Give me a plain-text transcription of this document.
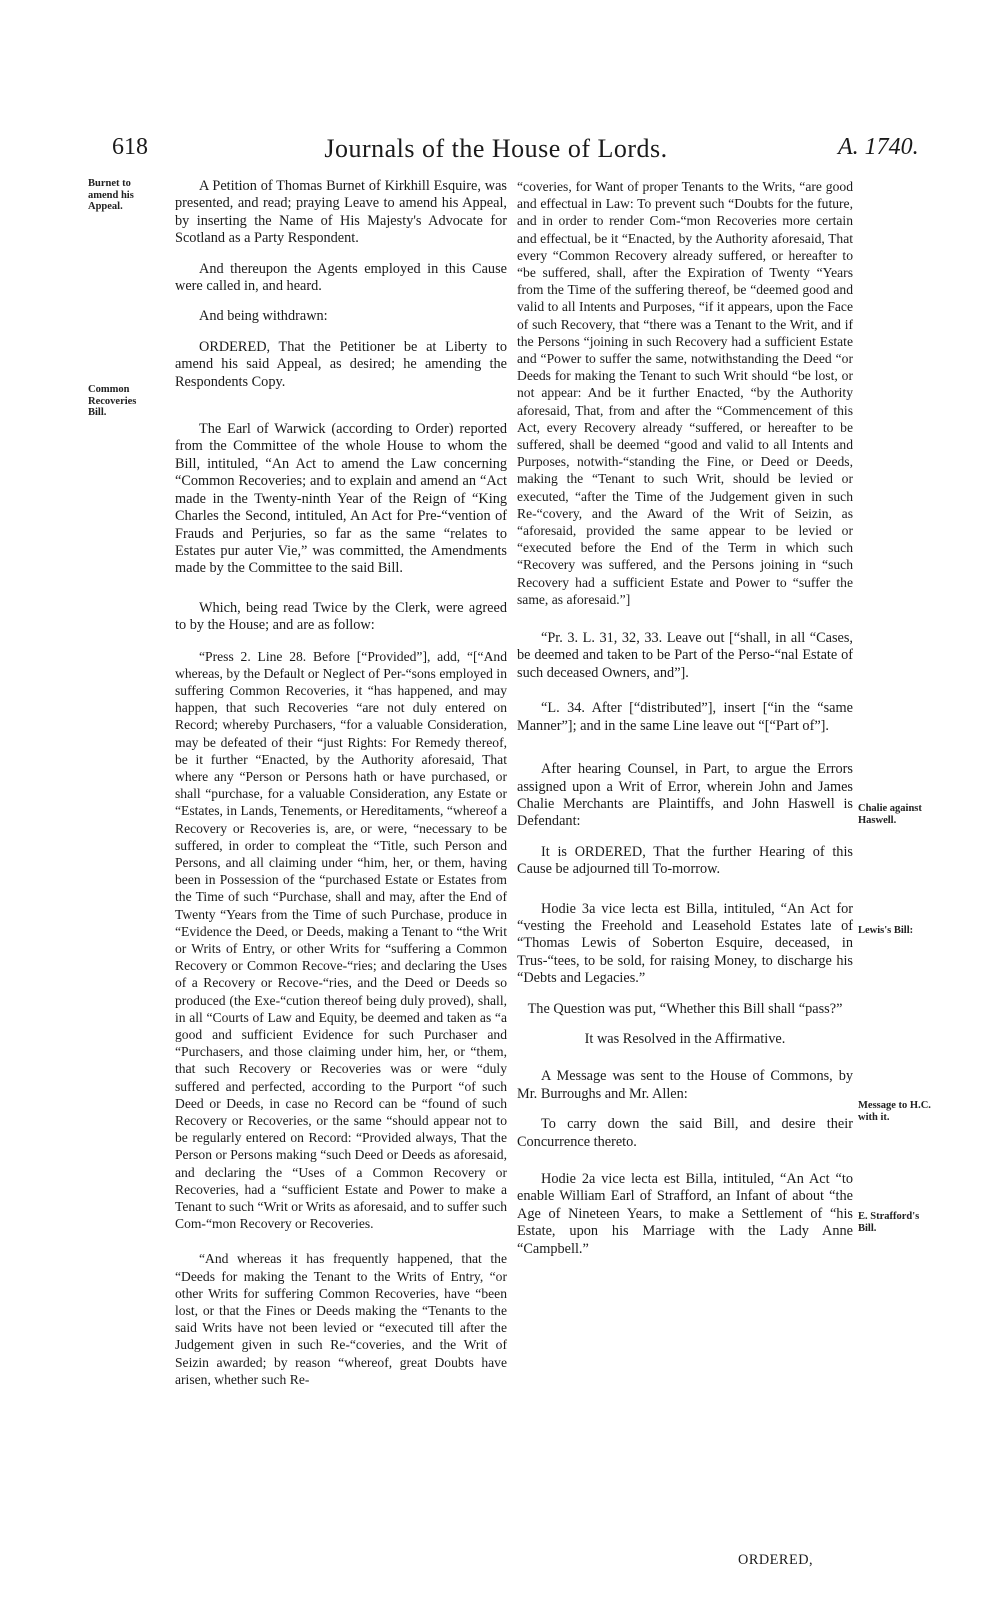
618	Journals of the House of Lords.	A. 1740.
Burnet to amend his Appeal.
Common Recoveries Bill.
Chalie against Haswell.
Lewis's Bill:
Message to H.C. with it.
E. Strafford's Bill.

A Petition of Thomas Burnet of Kirkhill Esquire, was presented, and read; praying Leave to amend his Appeal, by inserting the Name of His Majesty's Advocate for Scotland as a Party Respondent.

And thereupon the Agents employed in this Cause were called in, and heard.

And being withdrawn:

ORDERED, That the Petitioner be at Liberty to amend his said Appeal, as desired; he amending the Respondents Copy.

The Earl of Warwick (according to Order) reported from the Committee of the whole House to whom the Bill, intituled, “An Act to amend the Law concerning “Common Recoveries; and to explain and amend an “Act made in the Twenty-ninth Year of the Reign of “King Charles the Second, intituled, An Act for Pre-“vention of Frauds and Perjuries, so far as the same “relates to Estates pur auter Vie,” was committed, the Amendments made by the Committee to the said Bill.

Which, being read Twice by the Clerk, were agreed to by the House; and are as follow:

“Press 2. Line 28. Before [“Provided”], add, “[“And whereas, by the Default or Neglect of Per-“sons employed in suffering Common Recoveries, it “has happened, and may happen, that such Recoveries “are not duly entered on Record; whereby Purchasers, “for a valuable Consideration, may be defeated of their “just Rights: For Remedy thereof, be it further “Enacted, by the Authority aforesaid, That where any “Person or Persons hath or have purchased, or shall “purchase, for a valuable Consideration, any Estate or “Estates, in Lands, Tenements, or Hereditaments, “whereof a Recovery or Recoveries is, are, or were, “necessary to be suffered, in order to compleat the “Title, such Person and Persons, and all claiming under “him, her, or them, having been in Possession of the “purchased Estate or Estates from the Time of such “Purchase, shall and may, after the End of Twenty “Years from the Time of such Purchase, produce in “Evidence the Deed, or Deeds, making a Tenant to “the Writ or Writs of Entry, or other Writs for “suffering a Common Recovery or Common Recove-“ries; and declaring the Uses of a Recovery or Recove-“ries, and the Deed or Deeds so produced (the Exe-“cution thereof being duly proved), shall, in all “Courts of Law and Equity, be deemed and taken as “a good and sufficient Evidence for such Purchaser and “Purchasers, and those claiming under him, her, or “them, that such Recovery or Recoveries was or were “duly suffered and perfected, according to the Purport “of such Deed or Deeds, in case no Record can be “found of such Recovery or Recoveries, or the same “should appear not to be regularly entered on Record: “Provided always, That the Person or Persons making “such Deed or Deeds as aforesaid, and declaring the “Uses of a Common Recovery or Recoveries, had a “sufficient Estate and Power to make a Tenant to such “Writ or Writs as aforesaid, and to suffer such Com-“mon Recovery or Recoveries.

“And whereas it has frequently happened, that the “Deeds for making the Tenant to the Writs of Entry, “or other Writs for suffering Common Recoveries, have “been lost, or that the Fines or Deeds making the “Tenants to the said Writs have not been levied or “executed till after the Judgement given in such Re-“coveries, and the Writ of Seizin awarded; by reason “whereof, great Doubts have arisen, whether such Re-

“coveries, for Want of proper Tenants to the Writs, “are good and effectual in Law: To prevent such “Doubts for the future, and in order to render Com-“mon Recoveries more certain and effectual, be it “Enacted, by the Authority aforesaid, That every “Common Recovery already suffered, or hereafter to “be suffered, shall, after the Expiration of Twenty “Years from the Time of the suffering thereof, be “deemed good and valid to all Intents and Purposes, “if it appears, upon the Face of such Recovery, that “there was a Tenant to the Writ, and if the Persons “joining in such Recovery had a sufficient Estate and “Power to suffer the same, notwithstanding the Deed “or Deeds for making the Tenant to such Writ should “be lost, or not appear: And be it further Enacted, “by the Authority aforesaid, That, from and after the “Commencement of this Act, every Recovery already “suffered, or hereafter to be suffered, shall be deemed “good and valid to all Intents and Purposes, notwith-“standing the Fine, or Deed or Deeds, making the “Tenant to such Writ, should be levied or executed, “after the Time of the Judgement given in such Re-“covery, and the Award of the Writ of Seizin, as “aforesaid, provided the same appear to be levied or “executed before the End of the Term in which such “Recovery was suffered, and the Persons joining in “such Recovery had a sufficient Estate and Power to “suffer the same, as aforesaid.”]

“Pr. 3. L. 31, 32, 33. Leave out [“shall, in all “Cases, be deemed and taken to be Part of the Perso-“nal Estate of such deceased Owners, and”].

“L. 34. After [“distributed”], insert [“in the “same Manner”]; and in the same Line leave out “[“Part of”].

After hearing Counsel, in Part, to argue the Errors assigned upon a Writ of Error, wherein John and James Chalie Merchants are Plaintiffs, and John Haswell is Defendant:

It is ORDERED, That the further Hearing of this Cause be adjourned till To-morrow.

Hodie 3a vice lecta est Billa, intituled, “An Act for “vesting the Freehold and Leasehold Estates late of “Thomas Lewis of Soberton Esquire, deceased, in Trus-“tees, to be sold, for raising Money, to discharge his “Debts and Legacies.”

The Question was put, “Whether this Bill shall “pass?”

It was Resolved in the Affirmative.

A Message was sent to the House of Commons, by Mr. Burroughs and Mr. Allen:

To carry down the said Bill, and desire their Concurrence thereto.

Hodie 2a vice lecta est Billa, intituled, “An Act “to enable William Earl of Strafford, an Infant of about “the Age of Nineteen Years, to make a Settlement of “his Estate, upon his Marriage with the Lady Anne “Campbell.”

ORDERED,
